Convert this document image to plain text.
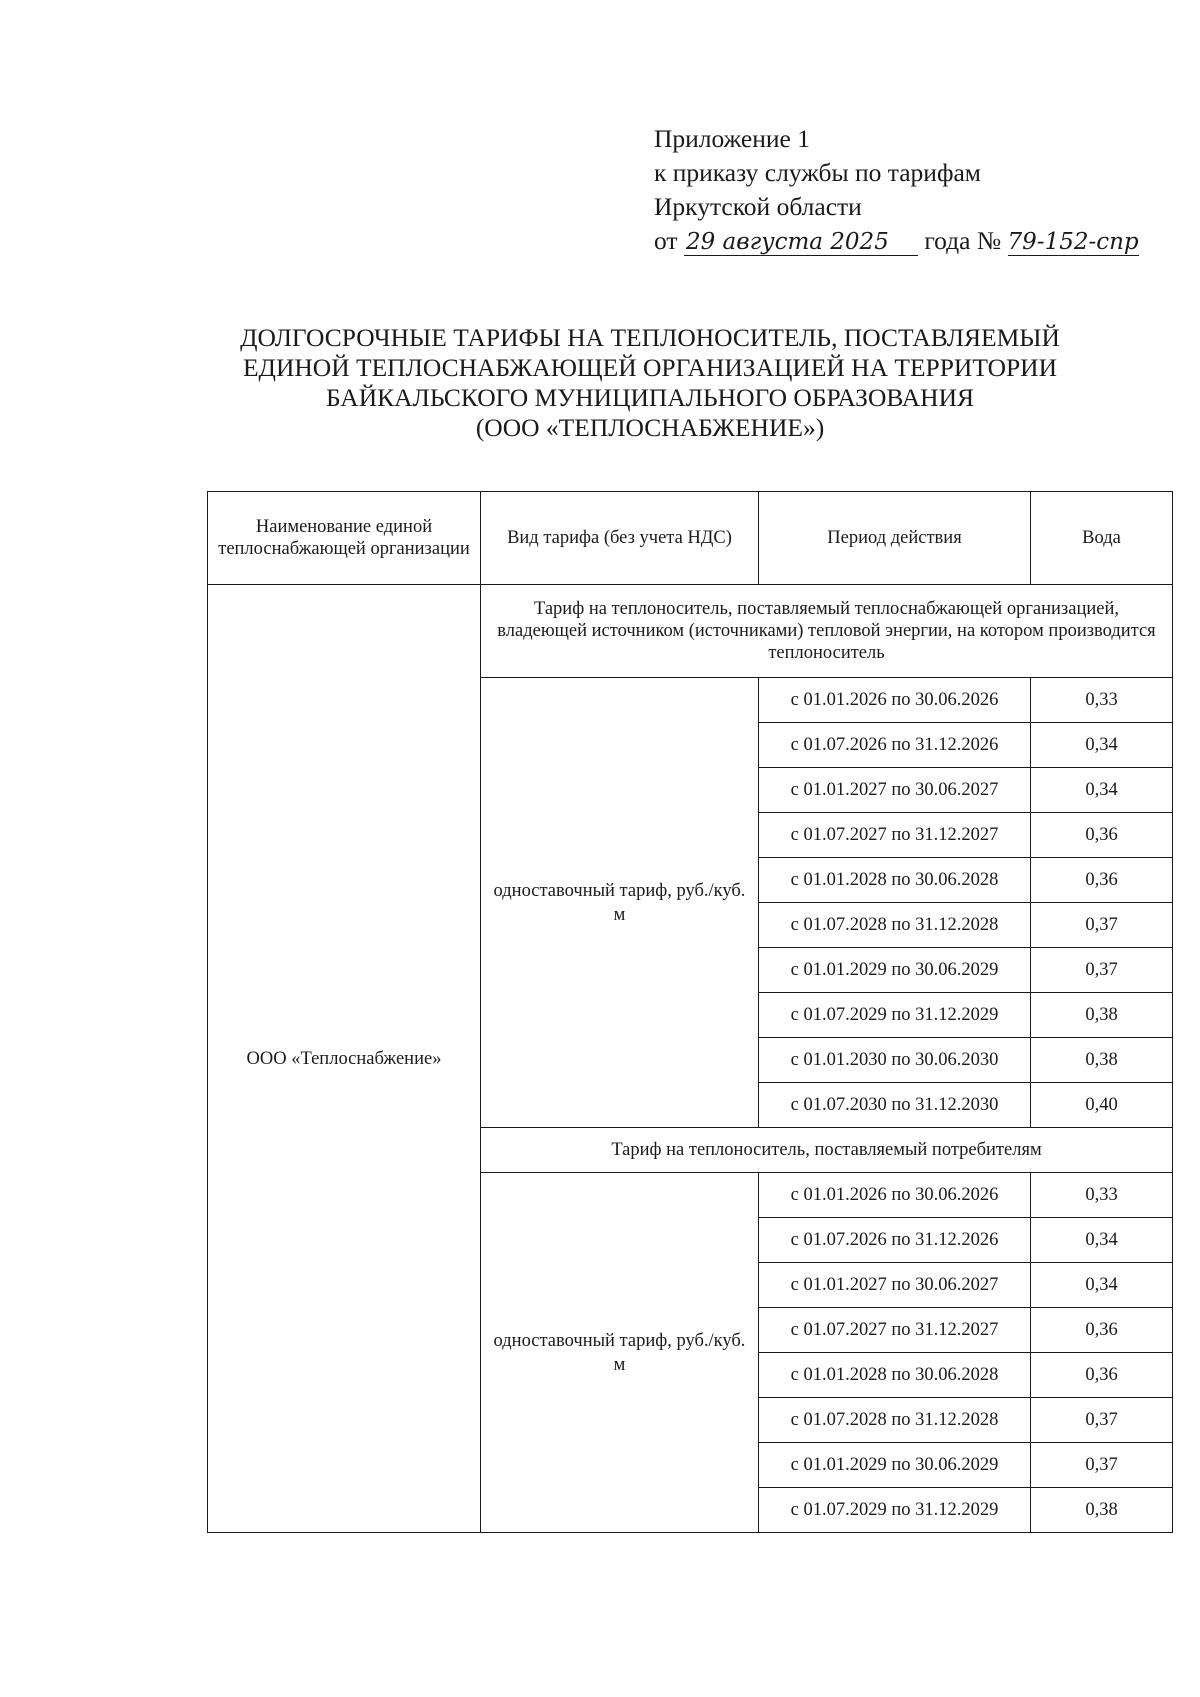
Приложение 1
к приказу службы по тарифам
Иркутской области
от 29 августа 2025 года № 79-152-спр
ДОЛГОСРОЧНЫЕ ТАРИФЫ НА ТЕПЛОНОСИТЕЛЬ, ПОСТАВЛЯЕМЫЙ
ЕДИНОЙ ТЕПЛОСНАБЖАЮЩЕЙ ОРГАНИЗАЦИЕЙ НА ТЕРРИТОРИИ
БАЙКАЛЬСКОГО МУНИЦИПАЛЬНОГО ОБРАЗОВАНИЯ
(ООО «ТЕПЛОСНАБЖЕНИЕ»)
Наименование единой теплоснабжающей организации	Вид тарифа (без учета НДС)	Период действия	Вода
ООО «Теплоснабжение»	Тариф на теплоноситель, поставляемый теплоснабжающей организацией, владеющей источником (источниками) тепловой энергии, на котором производится теплоноситель		
	одноставочный тариф, руб./куб. м	с 01.01.2026 по 30.06.2026	0,33
		с 01.07.2026 по 31.12.2026	0,34
		с 01.01.2027 по 30.06.2027	0,34
		с 01.07.2027 по 31.12.2027	0,36
		с 01.01.2028 по 30.06.2028	0,36
		с 01.07.2028 по 31.12.2028	0,37
		с 01.01.2029 по 30.06.2029	0,37
		с 01.07.2029 по 31.12.2029	0,38
		с 01.01.2030 по 30.06.2030	0,38
		с 01.07.2030 по 31.12.2030	0,40
	Тариф на теплоноситель, поставляемый потребителям		
	одноставочный тариф, руб./куб. м	с 01.01.2026 по 30.06.2026	0,33
		с 01.07.2026 по 31.12.2026	0,34
		с 01.01.2027 по 30.06.2027	0,34
		с 01.07.2027 по 31.12.2027	0,36
		с 01.01.2028 по 30.06.2028	0,36
		с 01.07.2028 по 31.12.2028	0,37
		с 01.01.2029 по 30.06.2029	0,37
		с 01.07.2029 по 31.12.2029	0,38
